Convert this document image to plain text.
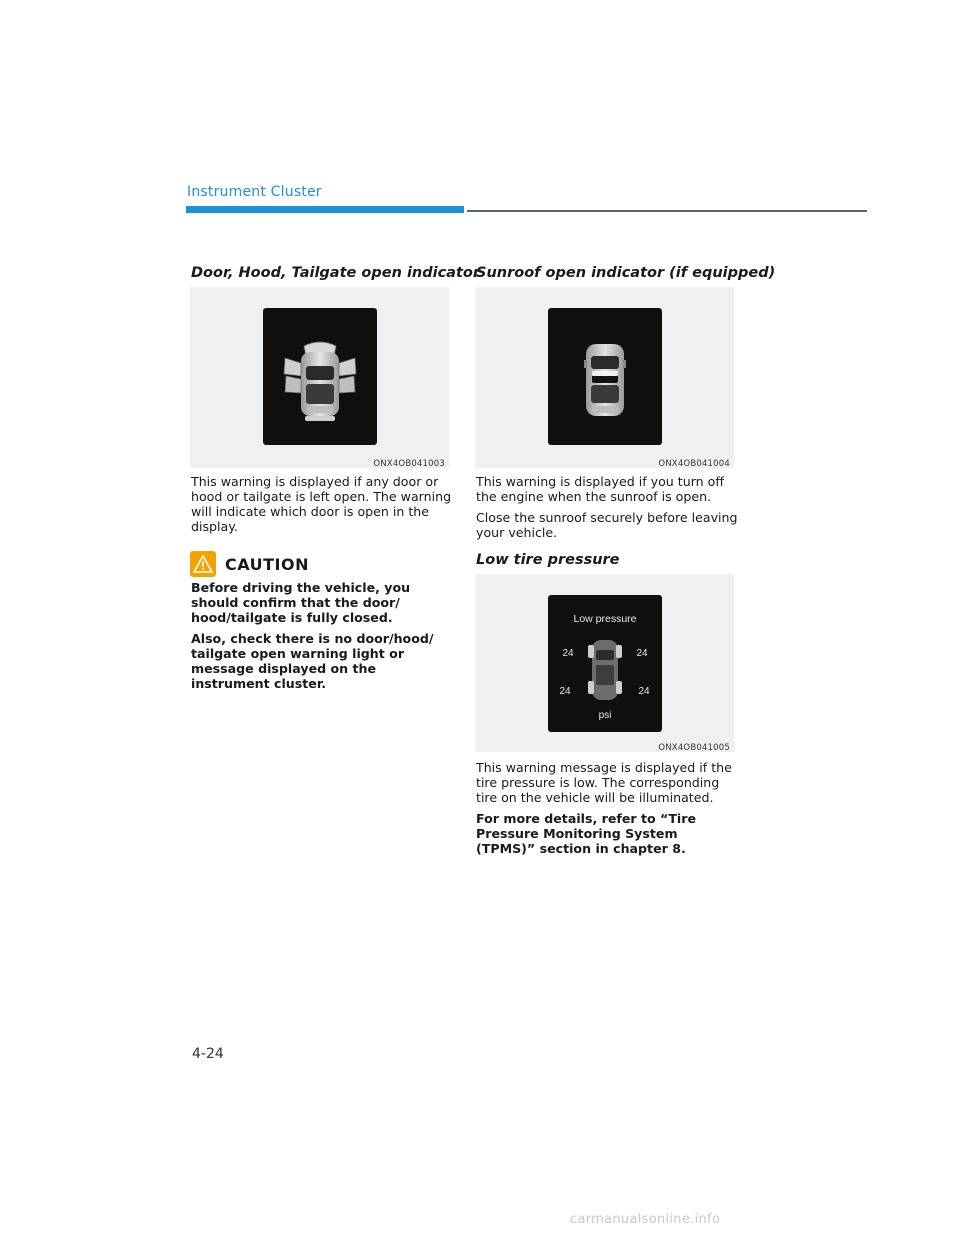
Instrument Cluster
Door, Hood, Tailgate open indicator
ONX4OB041003

This warning is displayed if any door or hood or tailgate is left open. The warning will indicate which door is open in the display.

CAUTION

Before driving the vehicle, you should confirm that the door/ hood/tailgate is fully closed.

Also, check there is no door/hood/ tailgate open warning light or message displayed on the instrument cluster.

Sunroof open indicator (if equipped)
ONX4OB041004

This warning is displayed if you turn off the engine when the sunroof is open.

Close the sunroof securely before leaving your vehicle.

Low tire pressure
Low pressure
24	24
24	24
psi
ONX4OB041005

This warning message is displayed if the tire pressure is low. The corresponding tire on the vehicle will be illuminated.

For more details, refer to “Tire Pressure Monitoring System (TPMS)” section in chapter 8.

4-24
carmanualsonline.info
